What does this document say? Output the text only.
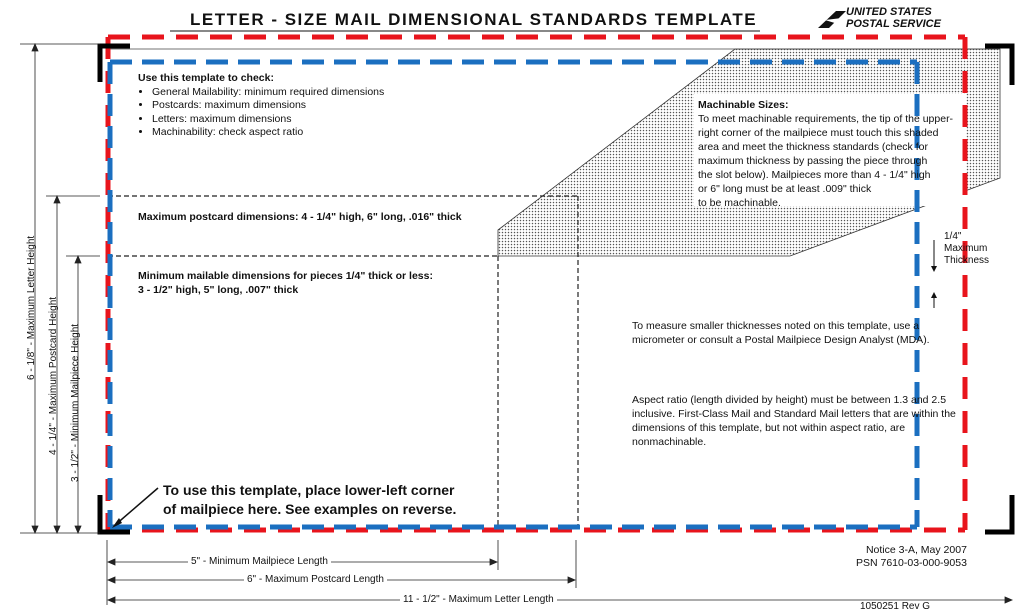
LETTER - SIZE MAIL DIMENSIONAL STANDARDS TEMPLATE	UNITED STATES
POSTAL SERVICE
Use this template to check:
• General Mailability: minimum required dimensions
• Postcards: maximum dimensions
• Letters: maximum dimensions
• Machinability: check aspect ratio
Machinable Sizes:
To meet machinable requirements, the tip of the upper-
right corner of the mailpiece must touch this shaded
area and meet the thickness standards (check for
maximum thickness by passing the piece through
the slot below). Mailpieces more than 4 - 1/4" high
or 6" long must be at least .009" thick
to be machinable.
Maximum postcard dimensions: 4 - 1/4" high, 6" long, .016" thick
Minimum mailable dimensions for pieces 1/4" thick or less:
3 - 1/2" high, 5" long, .007" thick
1/4"
Maximum
Thickness
To measure smaller thicknesses noted on this template, use a
micrometer or consult a Postal Mailpiece Design Analyst (MDA).
Aspect ratio (length divided by height) must be between 1.3 and 2.5
inclusive. First-Class Mail and Standard Mail letters that are within the
dimensions of this template, but not within aspect ratio, are
nonmachinable.
To use this template, place lower-left corner
of mailpiece here. See examples on reverse.
5" - Minimum Mailpiece Length
6" - Maximum Postcard Length
11 - 1/2" - Maximum Letter Length
6 - 1/8" - Maximum Letter Height 4 - 1/4" - Maximum Postcard Height 3 - 1/2" - Minimum Mailpiece Height
Notice 3-A, May 2007
PSN 7610-03-000-9053
1050251 Rev G
